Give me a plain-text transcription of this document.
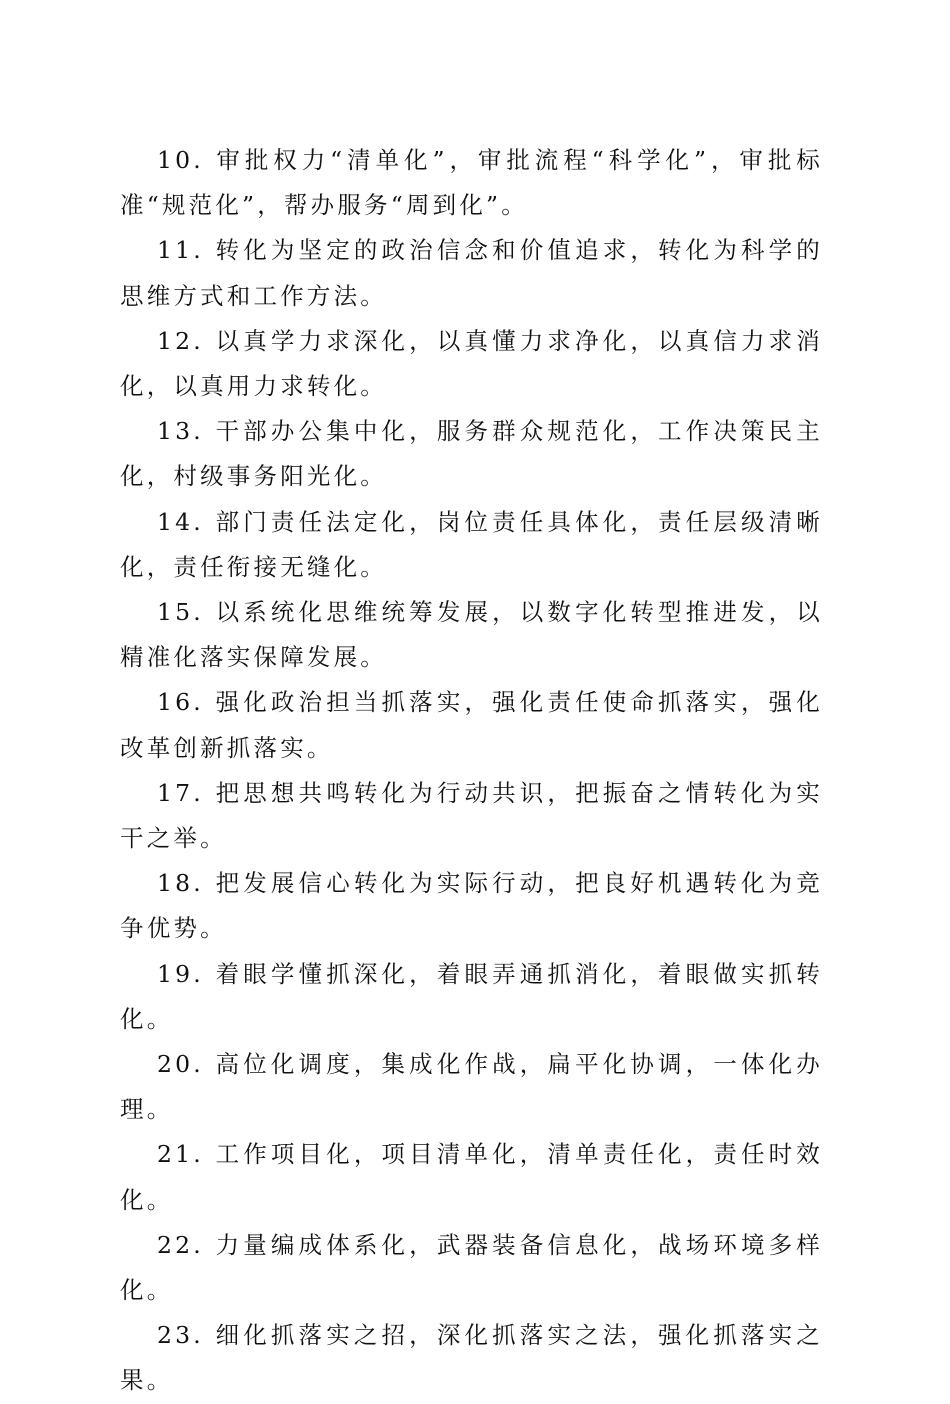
10. 审批权力“清单化”，审批流程“科学化”，审批标准“规范化”，帮办服务“周到化”。

11. 转化为坚定的政治信念和价值追求，转化为科学的思维方式和工作方法。

12. 以真学力求深化，以真懂力求净化，以真信力求消化，以真用力求转化。

13. 干部办公集中化，服务群众规范化，工作决策民主化，村级事务阳光化。

14. 部门责任法定化，岗位责任具体化，责任层级清晰化，责任衔接无缝化。

15. 以系统化思维统筹发展，以数字化转型推进发，以精准化落实保障发展。

16. 强化政治担当抓落实，强化责任使命抓落实，强化改革创新抓落实。

17. 把思想共鸣转化为行动共识，把振奋之情转化为实干之举。

18. 把发展信心转化为实际行动，把良好机遇转化为竞争优势。

19. 着眼学懂抓深化，着眼弄通抓消化，着眼做实抓转化。

20. 高位化调度，集成化作战，扁平化协调，一体化办理。

21. 工作项目化，项目清单化，清单责任化，责任时效化。

22. 力量编成体系化，武器装备信息化，战场环境多样化。

23. 细化抓落实之招，深化抓落实之法，强化抓落实之果。
